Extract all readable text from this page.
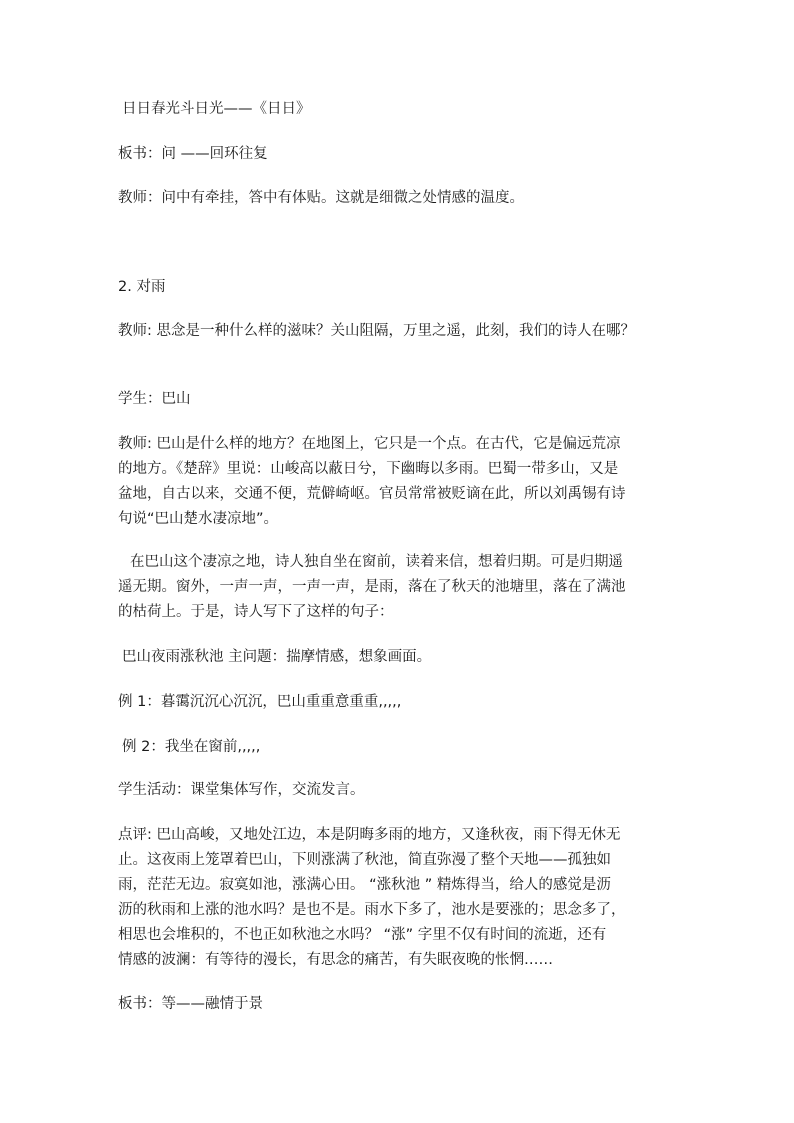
日日春光斗日光——《日日》
板书：问 ——回环往复
教师：问中有牵挂，答中有体贴。这就是细微之处情感的温度。
2. 对雨
教师: 思念是一种什么样的滋味？关山阻隔，万里之遥，此刻，我们的诗人在哪？
学生：巴山
教师: 巴山是什么样的地方？在地图上，它只是一个点。在古代，它是偏远荒凉
的地方。《楚辞》里说：山峻高以蔽日兮，下幽晦以多雨。巴蜀一带多山，又是
盆地，自古以来，交通不便，荒僻崎岖。官员常常被贬谪在此，所以刘禹锡有诗
句说“巴山楚水凄凉地”。
在巴山这个凄凉之地，诗人独自坐在窗前，读着来信，想着归期。可是归期遥
遥无期。窗外，一声一声，一声一声，是雨，落在了秋天的池塘里，落在了满池
的枯荷上。于是，诗人写下了这样的句子：
巴山夜雨涨秋池 主问题：揣摩情感，想象画面。
例 1：暮霭沉沉心沉沉，巴山重重意重重,,,,,
例 2：我坐在窗前,,,,,
学生活动：课堂集体写作，交流发言。
点评: 巴山高峻，又地处江边，本是阴晦多雨的地方，又逢秋夜，雨下得无休无
止。这夜雨上笼罩着巴山，下则涨满了秋池，简直弥漫了整个天地——孤独如
雨，茫茫无边。寂寞如池，涨满心田。 “涨秋池 ” 精炼得当，给人的感觉是沥
沥的秋雨和上涨的池水吗？是也不是。雨水下多了，池水是要涨的；思念多了，
相思也会堆积的，不也正如秋池之水吗？ “涨” 字里不仅有时间的流逝，还有
情感的波澜：有等待的漫长，有思念的痛苦，有失眠夜晚的怅惘……
板书：等——融情于景
